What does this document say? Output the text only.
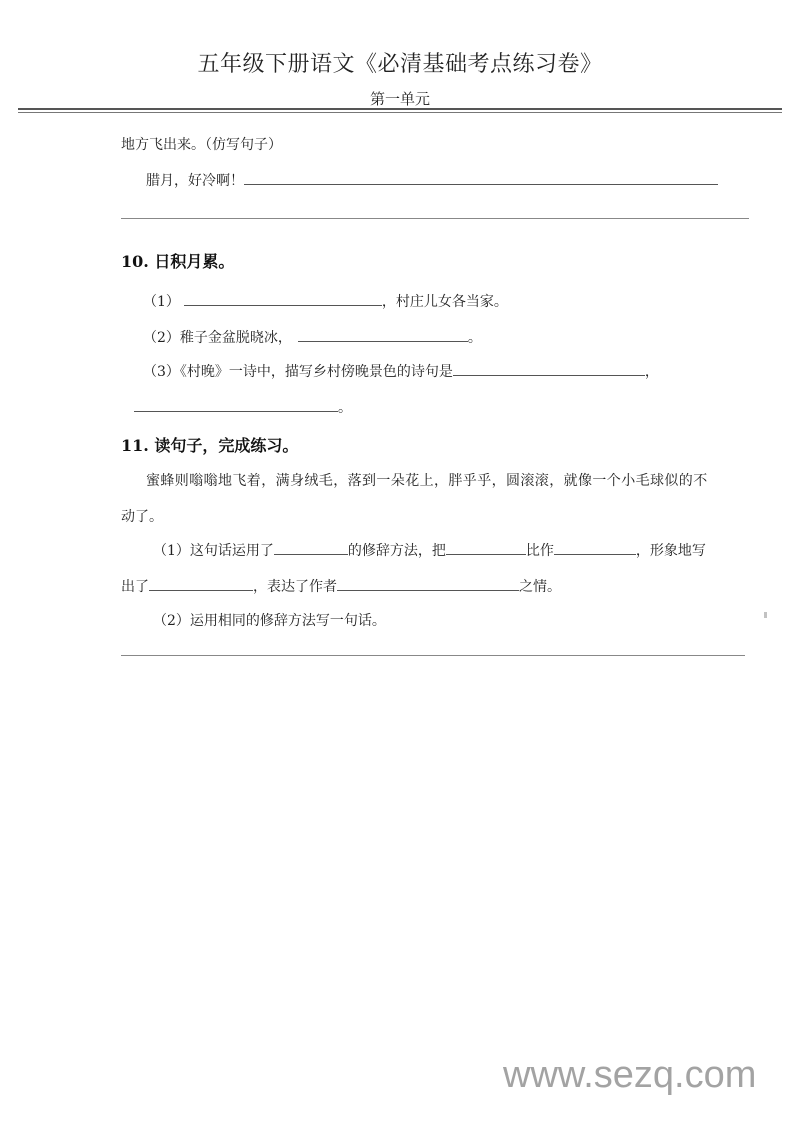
五年级下册语文《必清基础考点练习卷》
第一单元
地方飞出来。（仿写句子）
腊月，好冷啊！
10. 日积月累。
（1）	，村庄儿女各当家。
（2）稚子金盆脱晓冰，	。
（3）《村晚》一诗中，描写乡村傍晚景色的诗句是	，
。
11. 读句子，完成练习。
蜜蜂则嗡嗡地飞着，满身绒毛，落到一朵花上，胖乎乎，圆滚滚，就像一个小毛球似的不
动了。
（1）这句话运用了	的修辞方法，把	比作	，形象地写
出了	，表达了作者	之情。
（2）运用相同的修辞方法写一句话。
www.sezq.com
